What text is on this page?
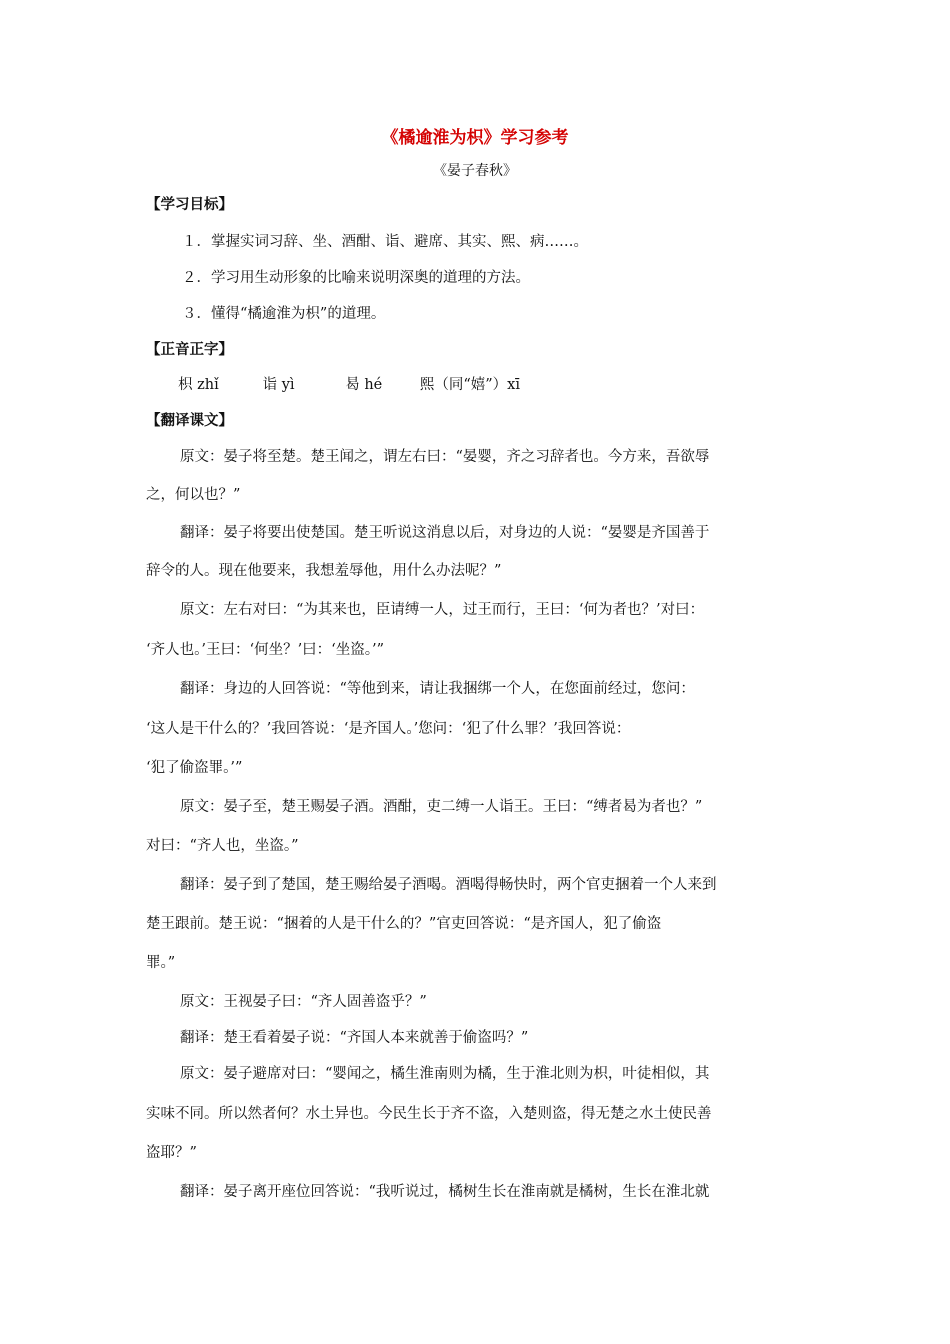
《橘逾淮为枳》学习参考
《晏子春秋》
【学习目标】
１．掌握实词习辞、坐、酒酣、诣、避席、其实、熙、病……。
２．学习用生动形象的比喻来说明深奥的道理的方法。
３．懂得“橘逾淮为枳”的道理。
【正音正字】
枳 zhǐ	诣 yì	曷 hé	熙（同“嬉”）xī
【翻译课文】
原文：晏子将至楚。楚王闻之，谓左右曰：“晏婴，齐之习辞者也。今方来，吾欲辱
之，何以也？”
翻译：晏子将要出使楚国。楚王听说这消息以后，对身边的人说：“晏婴是齐国善于
辞令的人。现在他要来，我想羞辱他，用什么办法呢？”
原文：左右对曰：“为其来也，臣请缚一人，过王而行，王曰：‘何为者也？’对曰：
‘齐人也。’王曰：‘何坐？’曰：‘坐盗。’”
翻译：身边的人回答说：“等他到来，请让我捆绑一个人，在您面前经过，您问：
‘这人是干什么的？’我回答说：‘是齐国人。’您问：‘犯了什么罪？’我回答说：
‘犯了偷盗罪。’”
原文：晏子至，楚王赐晏子酒。酒酣，吏二缚一人诣王。王曰：“缚者曷为者也？”
对曰：“齐人也，坐盗。”
翻译：晏子到了楚国，楚王赐给晏子酒喝。酒喝得畅快时，两个官吏捆着一个人来到
楚王跟前。楚王说：“捆着的人是干什么的？”官吏回答说：“是齐国人，犯了偷盗
罪。”
原文：王视晏子曰：“齐人固善盗乎？”
翻译：楚王看着晏子说：“齐国人本来就善于偷盗吗？”
原文：晏子避席对曰：“婴闻之，橘生淮南则为橘，生于淮北则为枳，叶徒相似，其
实味不同。所以然者何？水土异也。今民生长于齐不盗，入楚则盗，得无楚之水土使民善
盗耶？”
翻译：晏子离开座位回答说：“我听说过，橘树生长在淮南就是橘树，生长在淮北就
